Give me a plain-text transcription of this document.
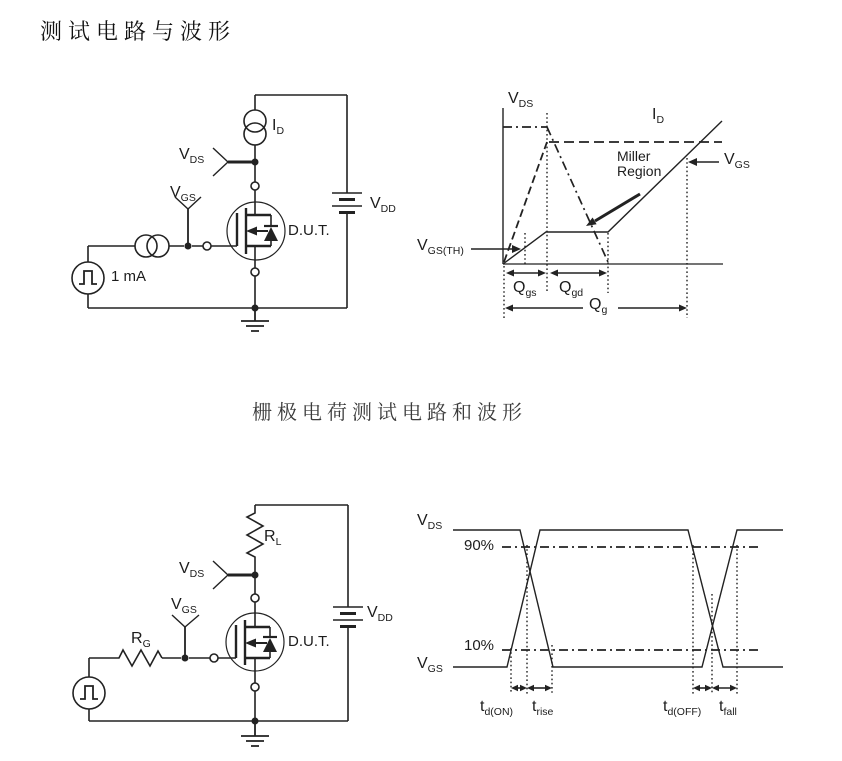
测试电路与波形
$I_D$
$V_{DS}$
$V_{GS}$
D.U.T.
$V_{DD}$
1 mA
$V_{DS}$
$I_D$
$V_{GS}$
Miller
Region
$V_{GS(TH)}$
$Q_{gs}$ $Q_{gd}$
$Q_g$
栅极电荷测试电路和波形
$R_L$
$V_{DS}$
$V_{GS}$
$R_G$	D.U.T.
$V_{DD}$
$V_{DS}$
90%
10%
$V_{GS}$
$t_{d(ON)}$ $t_{rise}$	$t_{d(OFF)}$ $t_{fall}$
